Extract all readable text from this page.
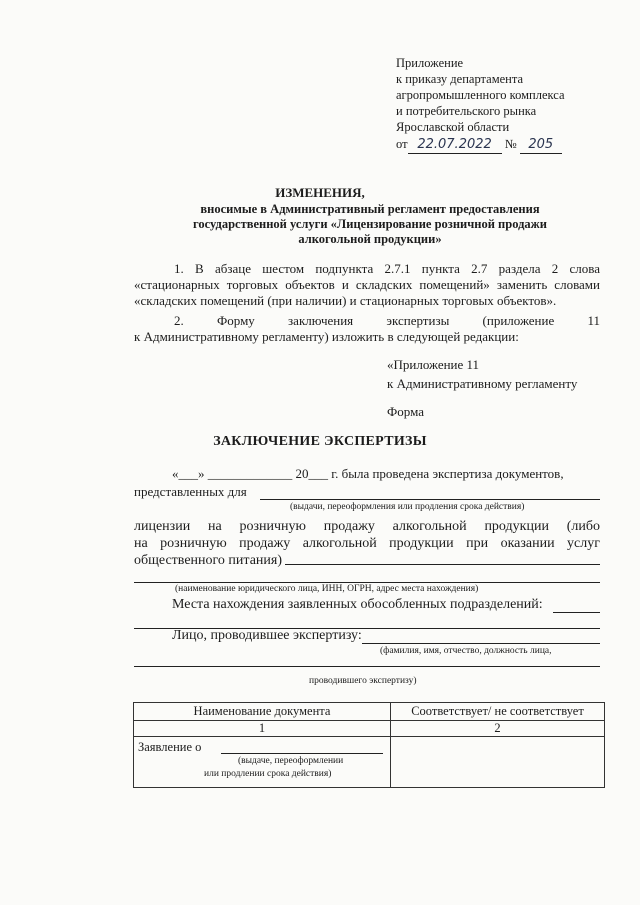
Приложение
к приказу департамента
агропромышленного комплекса
и потребительского рынка
Ярославской области
от 22.07.2022 № 205
ИЗМЕНЕНИЯ,
вносимые в Административный регламент предоставления
государственной услуги «Лицензирование розничной продажи
алкогольной продукции»
1. В абзаце шестом подпункта 2.7.1 пункта 2.7 раздела 2 слова
«стационарных торговых объектов и складских помещений» заменить словами
«складских помещений (при наличии) и стационарных торговых объектов».
2. Форму заключения экспертизы (приложение 11
к Административному регламенту) изложить в следующей редакции:
«Приложение 11
к Административному регламенту
Форма
ЗАКЛЮЧЕНИЕ ЭКСПЕРТИЗЫ
«___» _____________ 20___ г. была проведена экспертиза документов,
представленных для
(выдачи, переоформления или продления срока действия)
лицензии на розничную продажу алкогольной продукции (либо
на розничную продажу алкогольной продукции при оказании услуг
общественного питания)
(наименование юридического лица, ИНН, ОГРН, адрес места нахождения)
Места нахождения заявленных обособленных подразделений:
Лицо, проводившее экспертизу:
(фамилия, имя, отчество, должность лица,
проводившего экспертизу)
Наименование документа	Соответствует/ не соответствует
1	2

Заявление о
(выдаче, переоформлении
или продлении срока действия)	
